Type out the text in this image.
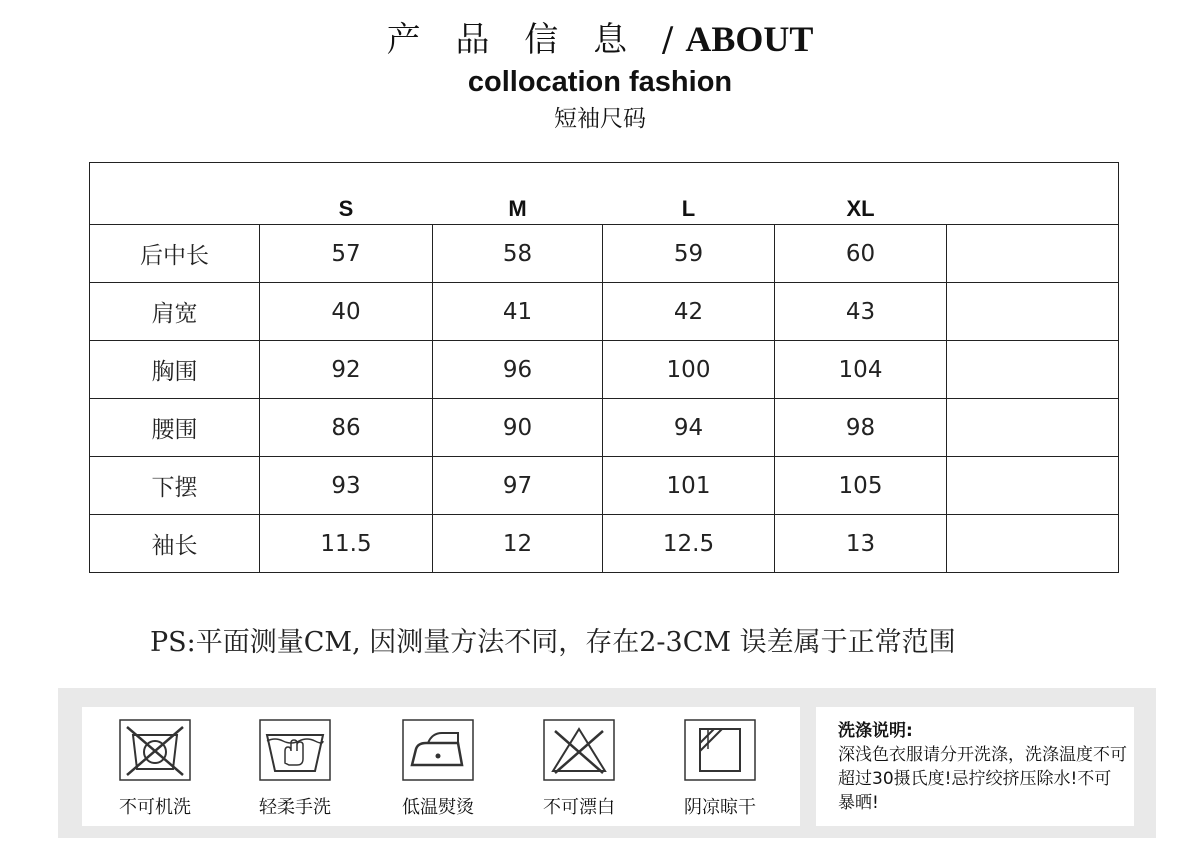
产 品 信 息 /ABOUT
collocation fashion
短袖尺码
	S	M	L	XL	
后中长	57	58	59	60	
肩宽	40	41	42	43	
胸围	92	96	100	104	
腰围	86	90	94	98	
下摆	93	97	101	105	
袖长	11.5	12	12.5	13	
PS:平面测量CM, 因测量方法不同，存在2-3CM 误差属于正常范围
不可机洗	轻柔手洗	低温熨烫	不可漂白	阴凉晾干
洗涤说明:
深浅色衣服请分开洗涤，洗涤温度不可超过30摄氏度!忌拧绞挤压除水!不可暴晒!
